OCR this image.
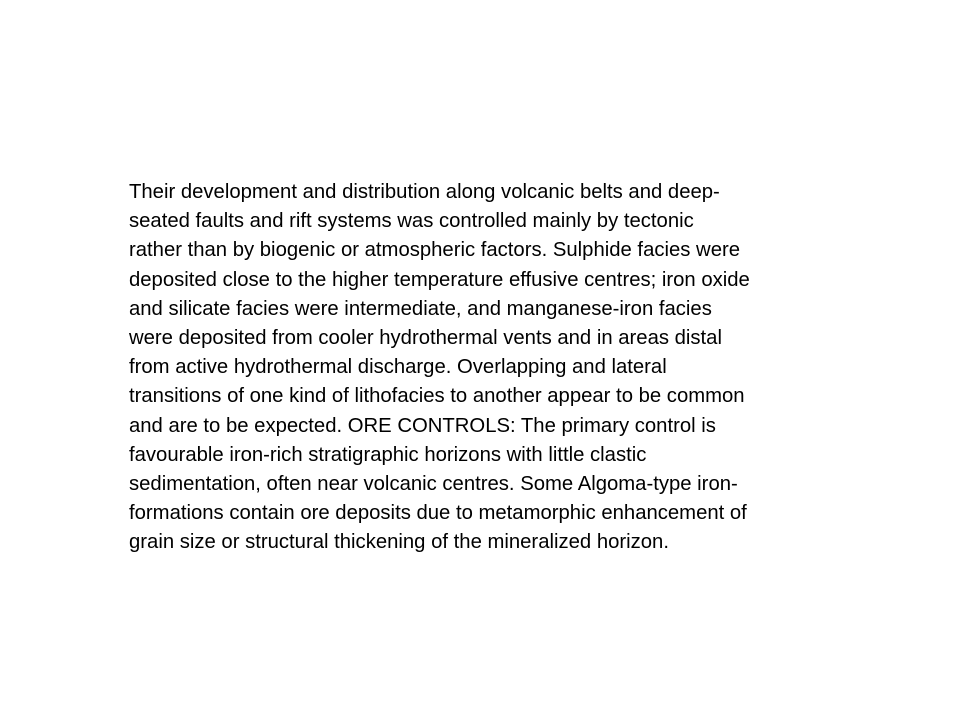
Their development and distribution along volcanic belts and deep-
seated faults and rift systems was controlled mainly by tectonic
rather than by biogenic or atmospheric factors. Sulphide facies were
deposited close to the higher temperature effusive centres; iron oxide
and silicate facies were intermediate, and manganese-iron facies
were deposited from cooler hydrothermal vents and in areas distal
from active hydrothermal discharge. Overlapping and lateral
transitions of one kind of lithofacies to another appear to be common
and are to be expected. ORE CONTROLS: The primary control is
favourable iron-rich stratigraphic horizons with little clastic
sedimentation, often near volcanic centres. Some Algoma-type iron-
formations contain ore deposits due to metamorphic enhancement of
grain size or structural thickening of the mineralized horizon.
